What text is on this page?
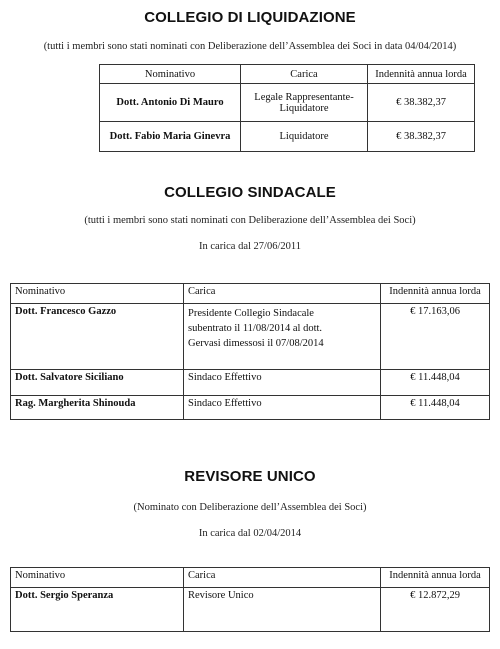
COLLEGIO DI LIQUIDAZIONE
(tutti i membri sono stati nominati con Deliberazione dell’Assemblea dei Soci in data 04/04/2014)
Nominativo	Carica	Indennità annua lorda
Dott. Antonio Di Mauro	Legale Rappresentante-Liquidatore	€ 38.382,37
Dott. Fabio Maria Ginevra	Liquidatore	€ 38.382,37
COLLEGIO SINDACALE
(tutti i membri sono stati nominati con Deliberazione dell’Assemblea dei Soci)
In carica dal 27/06/2011
Nominativo	Carica	Indennità annua lorda
Dott. Francesco Gazzo	Presidente Collegio Sindacale subentrato il 11/08/2014 al dott. Gervasi dimessosi il 07/08/2014	€ 17.163,06
Dott. Salvatore Siciliano	Sindaco Effettivo	€ 11.448,04
Rag. Margherita Shinouda	Sindaco Effettivo	€ 11.448,04
REVISORE UNICO
(Nominato con Deliberazione dell’Assemblea dei Soci)
In carica dal 02/04/2014
Nominativo	Carica	Indennità annua lorda
Dott. Sergio Speranza	Revisore Unico	€ 12.872,29
